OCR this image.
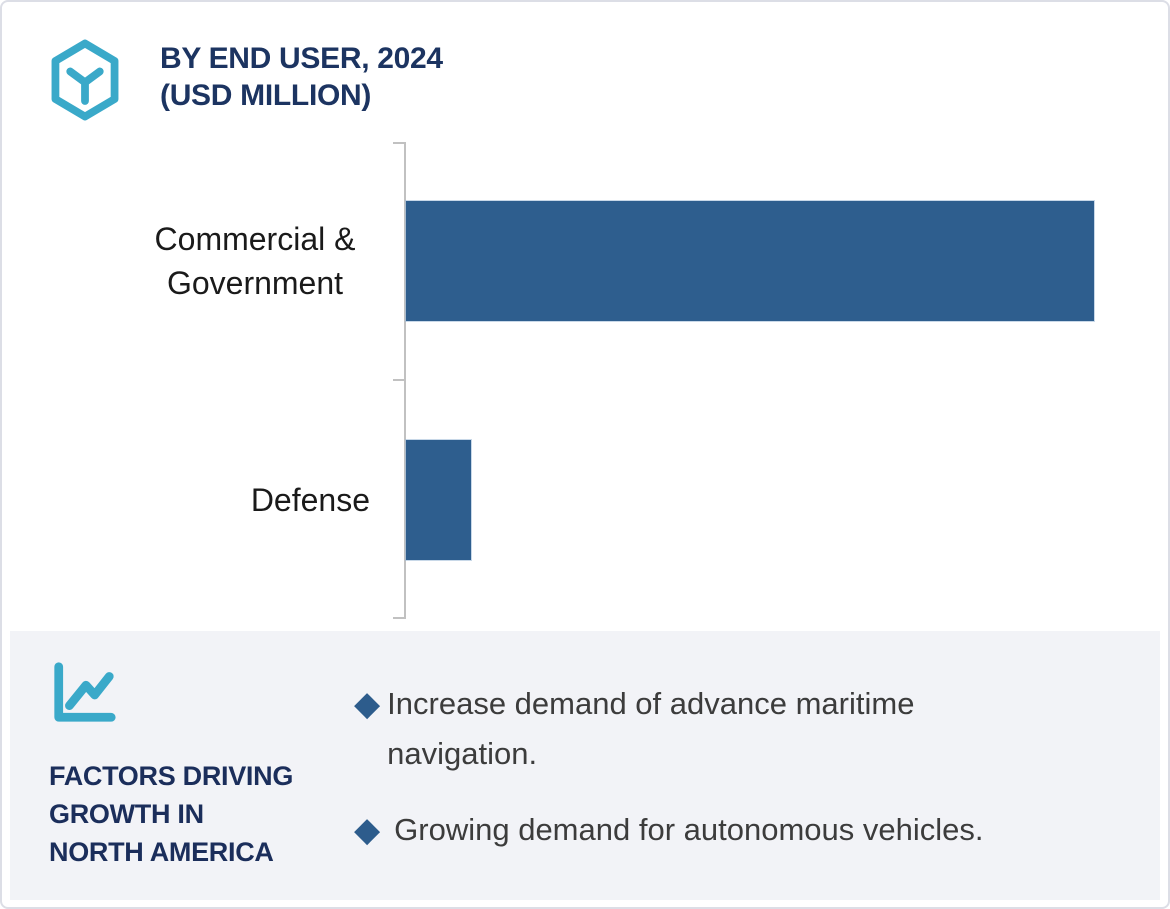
BY END USER, 2024
(USD MILLION)
Commercial & Government
Defense
FACTORS DRIVING
GROWTH IN
NORTH AMERICA
◆ Increase demand of advance maritime navigation.
◆ Growing demand for autonomous vehicles.
